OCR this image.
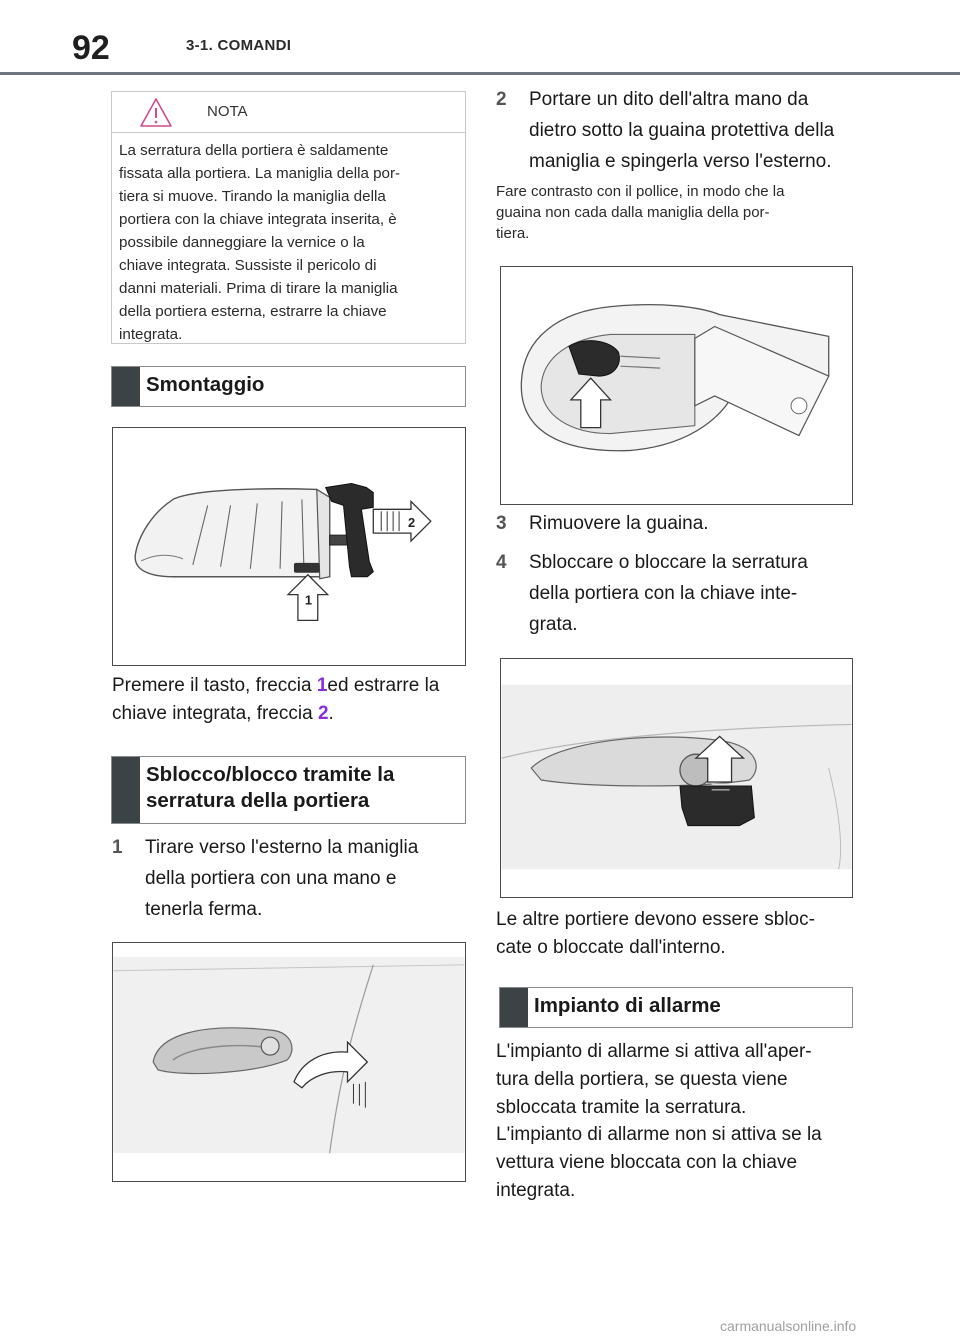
92	3-1. COMANDI
NOTA
La serratura della portiera è saldamente
fissata alla portiera. La maniglia della por-
tiera si muove. Tirando la maniglia della
portiera con la chiave integrata inserita, è
possibile danneggiare la vernice o la
chiave integrata. Sussiste il pericolo di
danni materiali. Prima di tirare la maniglia
della portiera esterna, estrarre la chiave
integrata.
Smontaggio
2
1
Premere il tasto, freccia 1ed estrarre la
chiave integrata, freccia 2.
Sblocco/blocco tramite la
serratura della portiera
1 Tirare verso l'esterno la maniglia
della portiera con una mano e
tenerla ferma.
2 Portare un dito dell'altra mano da
dietro sotto la guaina protettiva della
maniglia e spingerla verso l'esterno.
Fare contrasto con il pollice, in modo che la
guaina non cada dalla maniglia della por-
tiera.
3 Rimuovere la guaina.
4 Sbloccare o bloccare la serratura
della portiera con la chiave inte-
grata.
Le altre portiere devono essere sbloc-
cate o bloccate dall'interno.
Impianto di allarme
L'impianto di allarme si attiva all'aper-
tura della portiera, se questa viene
sbloccata tramite la serratura.
L'impianto di allarme non si attiva se la
vettura viene bloccata con la chiave
integrata.
carmanualsonline.info
